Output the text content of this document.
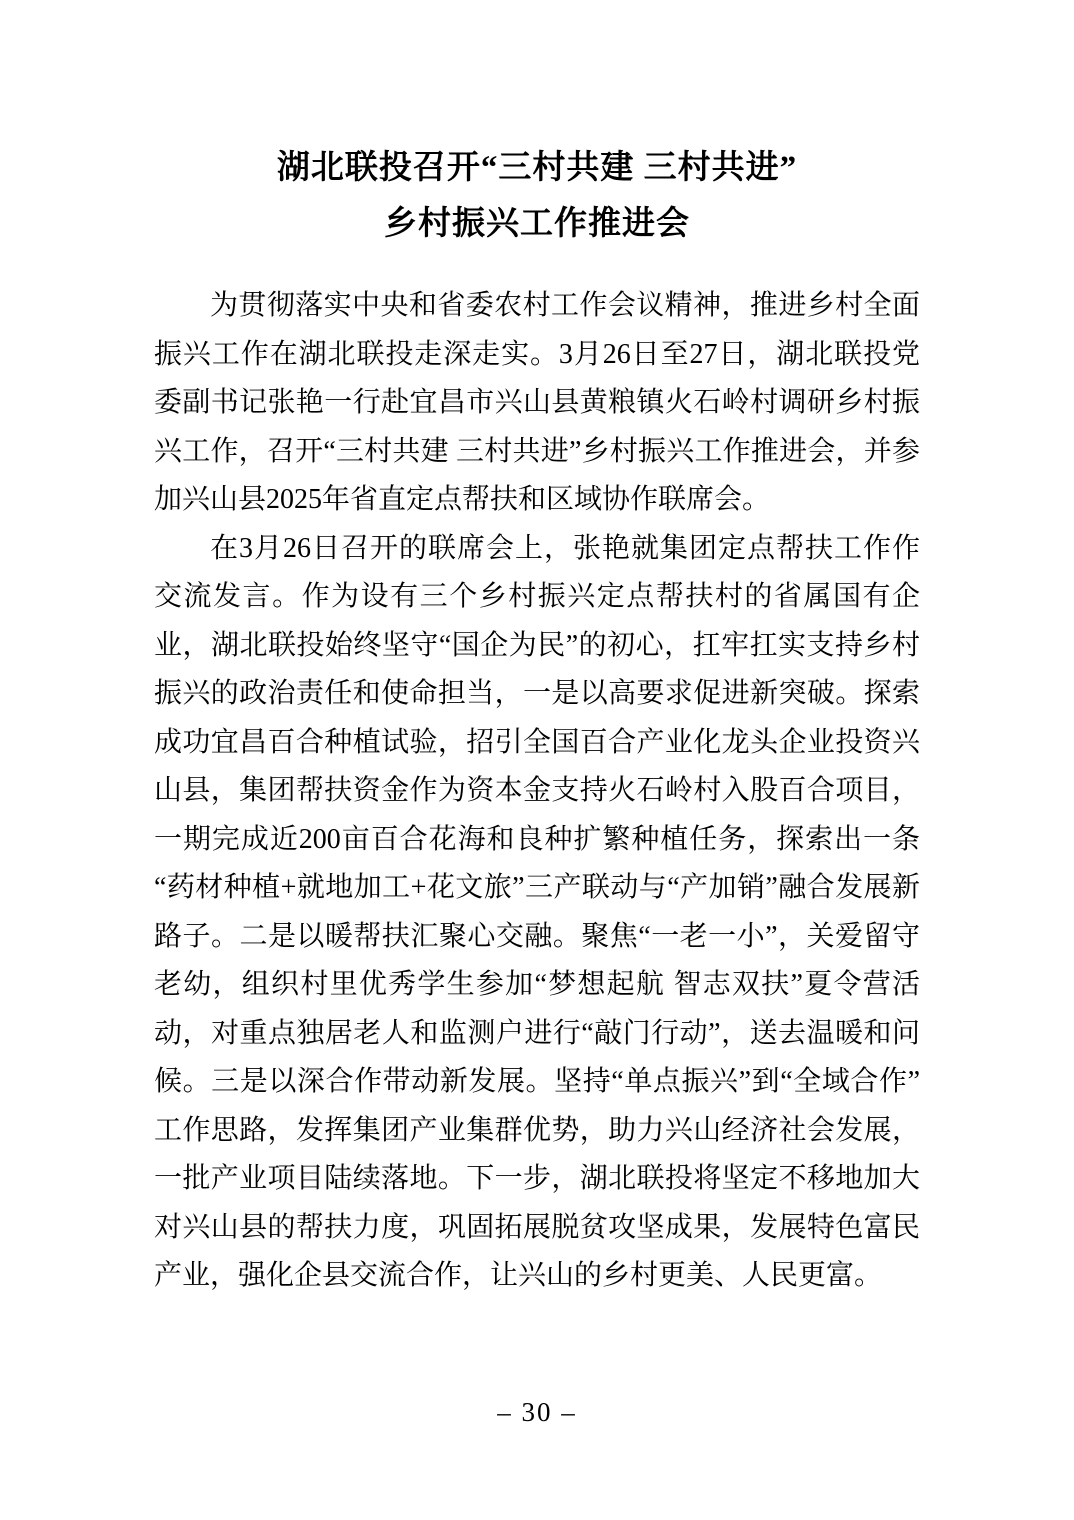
湖北联投召开“三村共建 三村共进”
乡村振兴工作推进会

为贯彻落实中央和省委农村工作会议精神，推进乡村全面振兴工作在湖北联投走深走实。3月26日至27日，湖北联投党委副书记张艳一行赴宜昌市兴山县黄粮镇火石岭村调研乡村振兴工作，召开“三村共建 三村共进”乡村振兴工作推进会，并参加兴山县2025年省直定点帮扶和区域协作联席会。

在3月26日召开的联席会上，张艳就集团定点帮扶工作作交流发言。作为设有三个乡村振兴定点帮扶村的省属国有企业，湖北联投始终坚守“国企为民”的初心，扛牢扛实支持乡村振兴的政治责任和使命担当，一是以高要求促进新突破。探索成功宜昌百合种植试验，招引全国百合产业化龙头企业投资兴山县，集团帮扶资金作为资本金支持火石岭村入股百合项目，一期完成近200亩百合花海和良种扩繁种植任务，探索出一条“药材种植+就地加工+花文旅”三产联动与“产加销”融合发展新路子。二是以暖帮扶汇聚心交融。聚焦“一老一小”，关爱留守老幼，组织村里优秀学生参加“梦想起航 智志双扶”夏令营活动，对重点独居老人和监测户进行“敲门行动”，送去温暖和问候。三是以深合作带动新发展。坚持“单点振兴”到“全域合作”工作思路，发挥集团产业集群优势，助力兴山经济社会发展，一批产业项目陆续落地。下一步，湖北联投将坚定不移地加大对兴山县的帮扶力度，巩固拓展脱贫攻坚成果，发展特色富民产业，强化企县交流合作，让兴山的乡村更美、人民更富。

– 30 –
